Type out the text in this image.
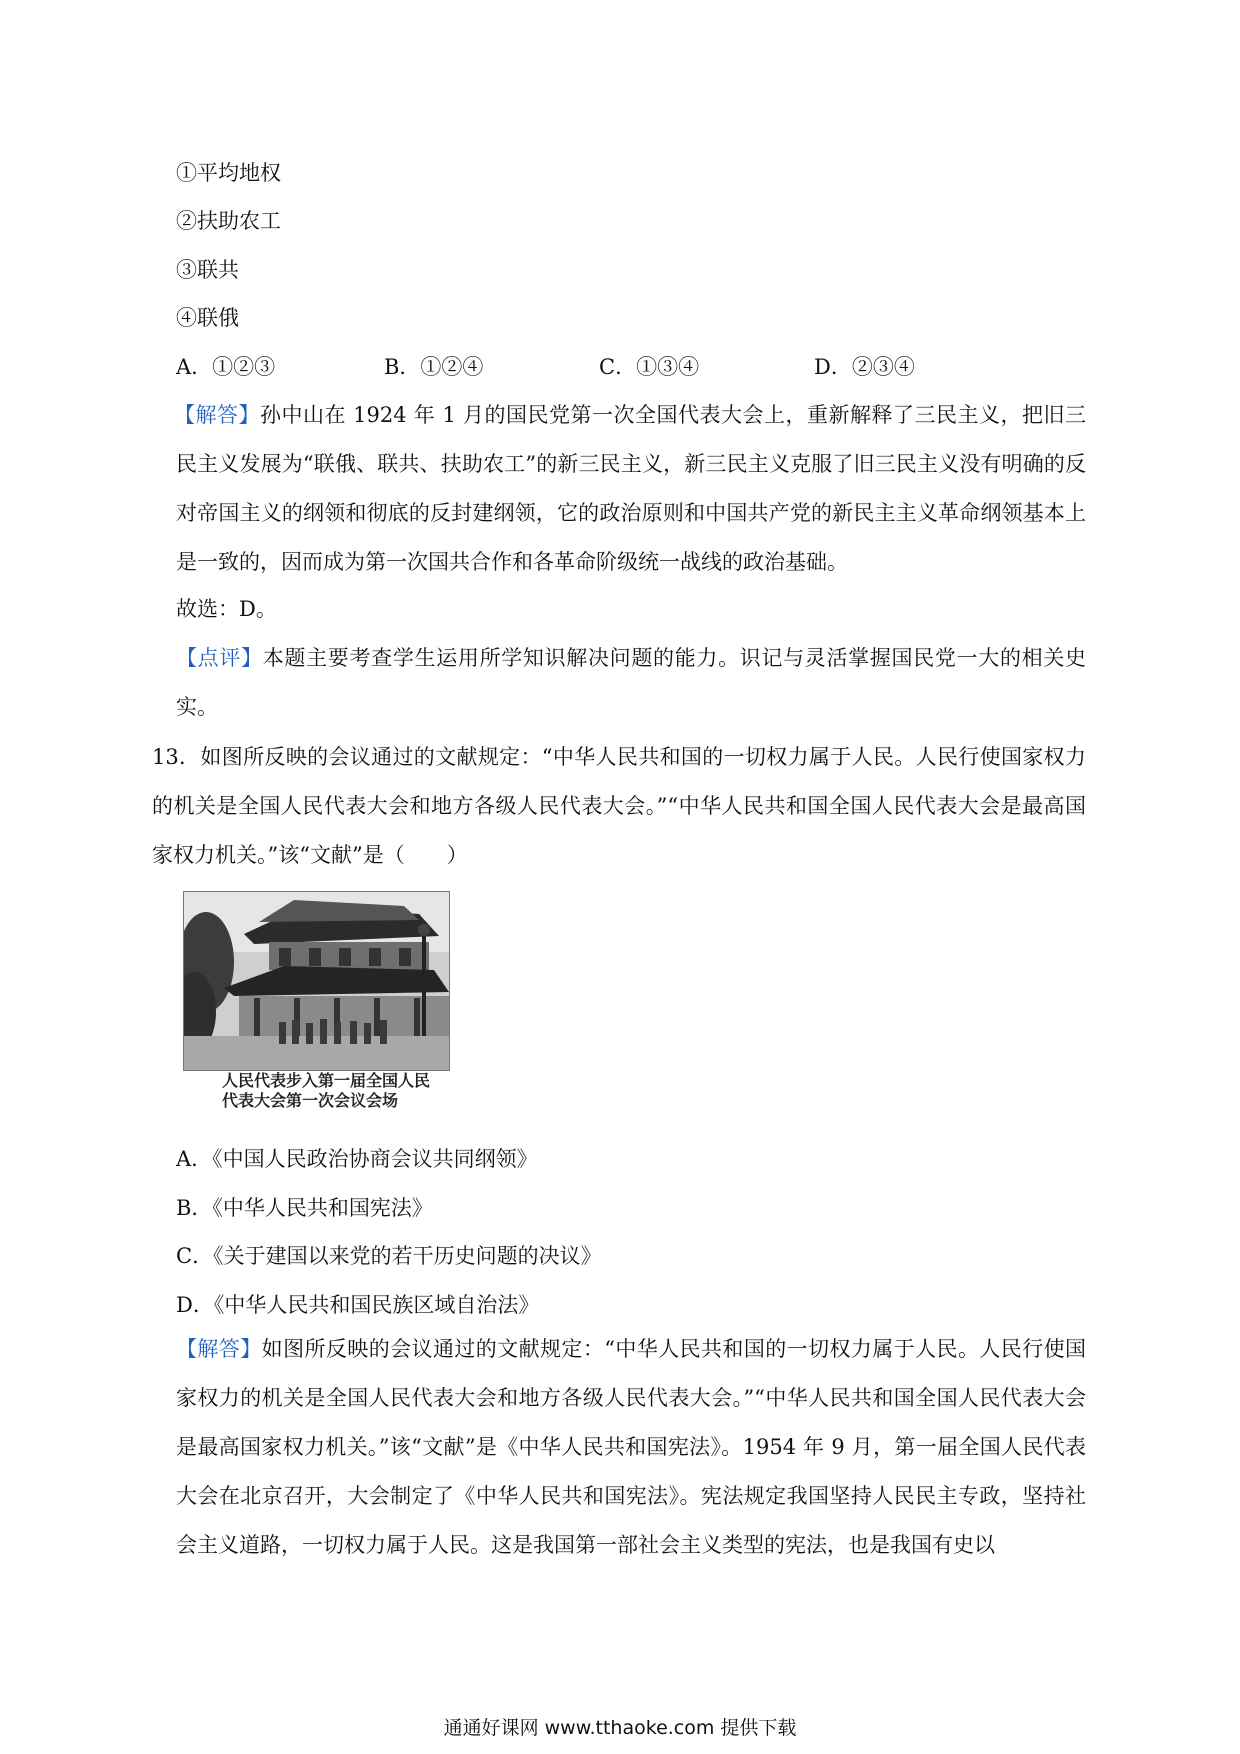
①平均地权
②扶助农工
③联共
④联俄
A．①②③	B．①②④	C．①③④	D．②③④
【解答】孙中山在 1924 年 1 月的国民党第一次全国代表大会上，重新解释了三民主义，把旧三民主义发展为“联俄、联共、扶助农工”的新三民主义，新三民主义克服了旧三民主义没有明确的反对帝国主义的纲领和彻底的反封建纲领，它的政治原则和中国共产党的新民主主义革命纲领基本上是一致的，因而成为第一次国共合作和各革命阶级统一战线的政治基础。
故选：D。
【点评】本题主要考查学生运用所学知识解决问题的能力。识记与灵活掌握国民党一大的相关史实。
13．如图所反映的会议通过的文献规定：“中华人民共和国的一切权力属于人民。人民行使国家权力的机关是全国人民代表大会和地方各级人民代表大会。”“中华人民共和国全国人民代表大会是最高国家权力机关。”该“文献”是（　　）
人民代表步入第一届全国人民
代表大会第一次会议会场
A．《中国人民政治协商会议共同纲领》
B．《中华人民共和国宪法》
C．《关于建国以来党的若干历史问题的决议》
D．《中华人民共和国民族区域自治法》
【解答】如图所反映的会议通过的文献规定：“中华人民共和国的一切权力属于人民。人民行使国家权力的机关是全国人民代表大会和地方各级人民代表大会。”“中华人民共和国全国人民代表大会是最高国家权力机关。”该“文献”是《中华人民共和国宪法》。1954 年 9 月，第一届全国人民代表大会在北京召开，大会制定了《中华人民共和国宪法》。宪法规定我国坚持人民民主专政，坚持社会主义道路，一切权力属于人民。这是我国第一部社会主义类型的宪法，也是我国有史以
通通好课网 www.tthaoke.com 提供下载
